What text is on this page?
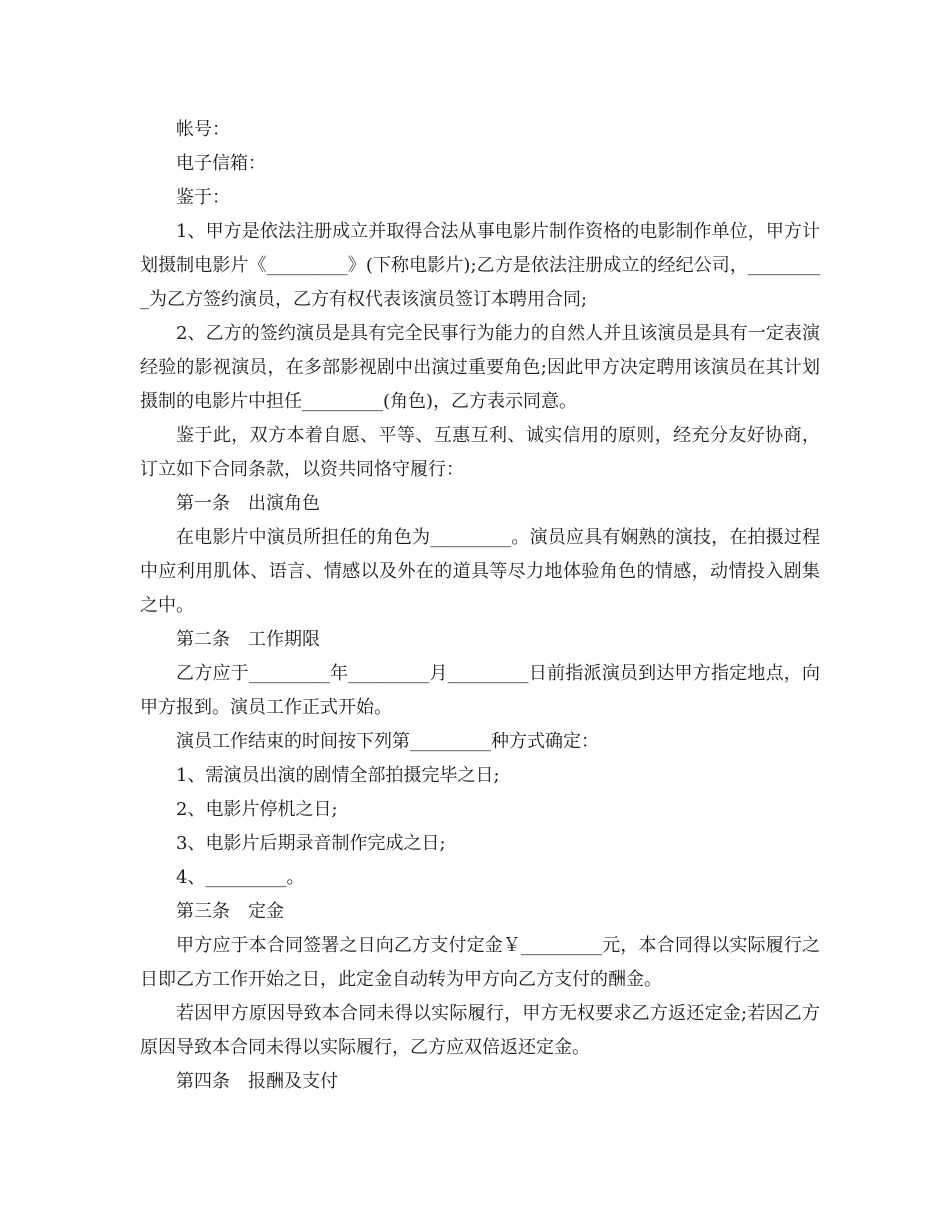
帐号：

电子信箱：

鉴于：

1、甲方是依法注册成立并取得合法从事电影片制作资格的电影制作单位，甲方计划摄制电影片《_________》(下称电影片);乙方是依法注册成立的经纪公司，_________为乙方签约演员，乙方有权代表该演员签订本聘用合同;

2、乙方的签约演员是具有完全民事行为能力的自然人并且该演员是具有一定表演经验的影视演员，在多部影视剧中出演过重要角色;因此甲方决定聘用该演员在其计划摄制的电影片中担任_________(角色)，乙方表示同意。

鉴于此，双方本着自愿、平等、互惠互利、诚实信用的原则，经充分友好协商，订立如下合同条款，以资共同恪守履行：

第一条　出演角色

在电影片中演员所担任的角色为_________。演员应具有娴熟的演技，在拍摄过程中应利用肌体、语言、情感以及外在的道具等尽力地体验角色的情感，动情投入剧集之中。

第二条　工作期限

乙方应于_________年_________月_________日前指派演员到达甲方指定地点，向甲方报到。演员工作正式开始。

演员工作结束的时间按下列第_________种方式确定：

1、需演员出演的剧情全部拍摄完毕之日;

2、电影片停机之日;

3、电影片后期录音制作完成之日;

4、_________。

第三条　定金

甲方应于本合同签署之日向乙方支付定金￥_________元，本合同得以实际履行之日即乙方工作开始之日，此定金自动转为甲方向乙方支付的酬金。

若因甲方原因导致本合同未得以实际履行，甲方无权要求乙方返还定金;若因乙方原因导致本合同未得以实际履行，乙方应双倍返还定金。

第四条　报酬及支付
